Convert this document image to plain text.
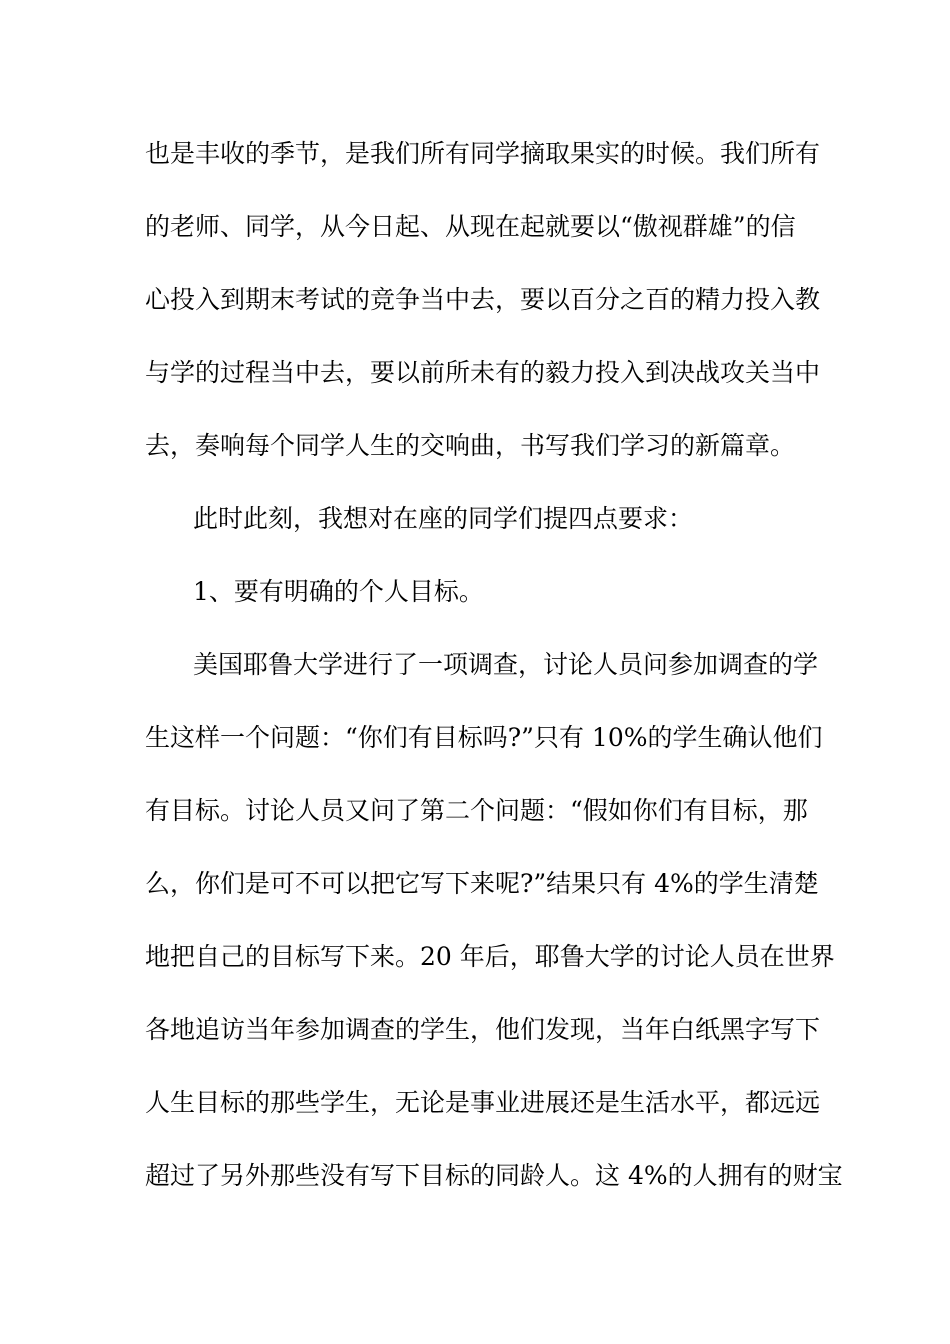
也是丰收的季节，是我们所有同学摘取果实的时候。我们所有
的老师、同学，从今日起、从现在起就要以“傲视群雄”的信
心投入到期末考试的竞争当中去，要以百分之百的精力投入教
与学的过程当中去，要以前所未有的毅力投入到决战攻关当中
去，奏响每个同学人生的交响曲，书写我们学习的新篇章。
此时此刻，我想对在座的同学们提四点要求：
1、要有明确的个人目标。
美国耶鲁大学进行了一项调查，讨论人员问参加调查的学
生这样一个问题：“你们有目标吗?”只有 10%的学生确认他们
有目标。讨论人员又问了第二个问题：“假如你们有目标，那
么，你们是可不可以把它写下来呢?”结果只有 4%的学生清楚
地把自己的目标写下来。20 年后，耶鲁大学的讨论人员在世界
各地追访当年参加调查的学生，他们发现，当年白纸黑字写下
人生目标的那些学生，无论是事业进展还是生活水平，都远远
超过了另外那些没有写下目标的同龄人。这 4%的人拥有的财宝
